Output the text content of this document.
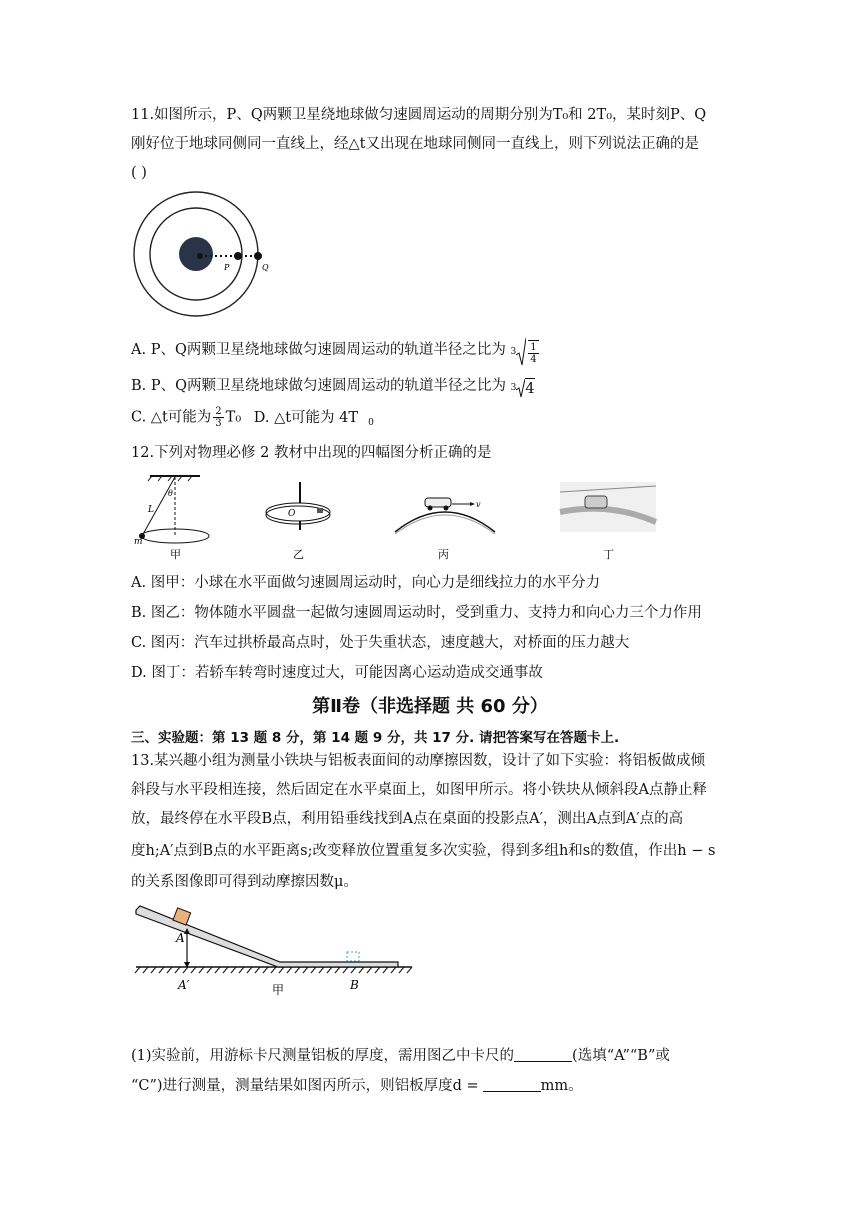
11.如图所示，P、Q两颗卫星绕地球做匀速圆周运动的周期分别为T₀和 2T₀，某时刻P、Q
刚好位于地球同侧同一直线上，经△t又出现在地球同侧同一直线上，则下列说法正确的是
( )
P	Q
A. P、Q两颗卫星绕地球做匀速圆周运动的轨道半径之比为 $3 \frac{1}{4}$
B. P、Q两颗卫星绕地球做匀速圆周运动的轨道半径之比为 3 4
C. △t可能为 $\frac{2}{3} T_0$ D. △t可能为 4T $_0$
12.下列对物理必修 2 教材中出现的四幅图分析正确的是
L
θ
m
甲
O
乙
v
丙	丁
A. 图甲：小球在水平面做匀速圆周运动时，向心力是细线拉力的水平分力
B. 图乙：物体随水平圆盘一起做匀速圆周运动时，受到重力、支持力和向心力三个力作用
C. 图丙：汽车过拱桥最高点时，处于失重状态，速度越大，对桥面的压力越大
D. 图丁：若轿车转弯时速度过大，可能因离心运动造成交通事故
第Ⅱ卷（非选择题 共 60 分）
三、实验题：第 13 题 8 分，第 14 题 9 分，共 17 分. 请把答案写在答题卡上.
13.某兴趣小组为测量小铁块与铝板表面间的动摩擦因数，设计了如下实验：将铝板做成倾
斜段与水平段相连接，然后固定在水平桌面上，如图甲所示。将小铁块从倾斜段A点静止释
放，最终停在水平段B点，利用铅垂线找到A点在桌面的投影点A′，测出A点到A′点的高
度h;A′点到B点的水平距离s;改变释放位置重复多次实验，得到多组h和s的数值，作出h − s
的关系图像即可得到动摩擦因数μ。
A
A′	B
甲
(1)实验前，用游标卡尺测量铝板的厚度，需用图乙中卡尺的	(选填“A”“B”或
“C”)进行测量，测量结果如图丙所示，则铝板厚度d =	mm。
